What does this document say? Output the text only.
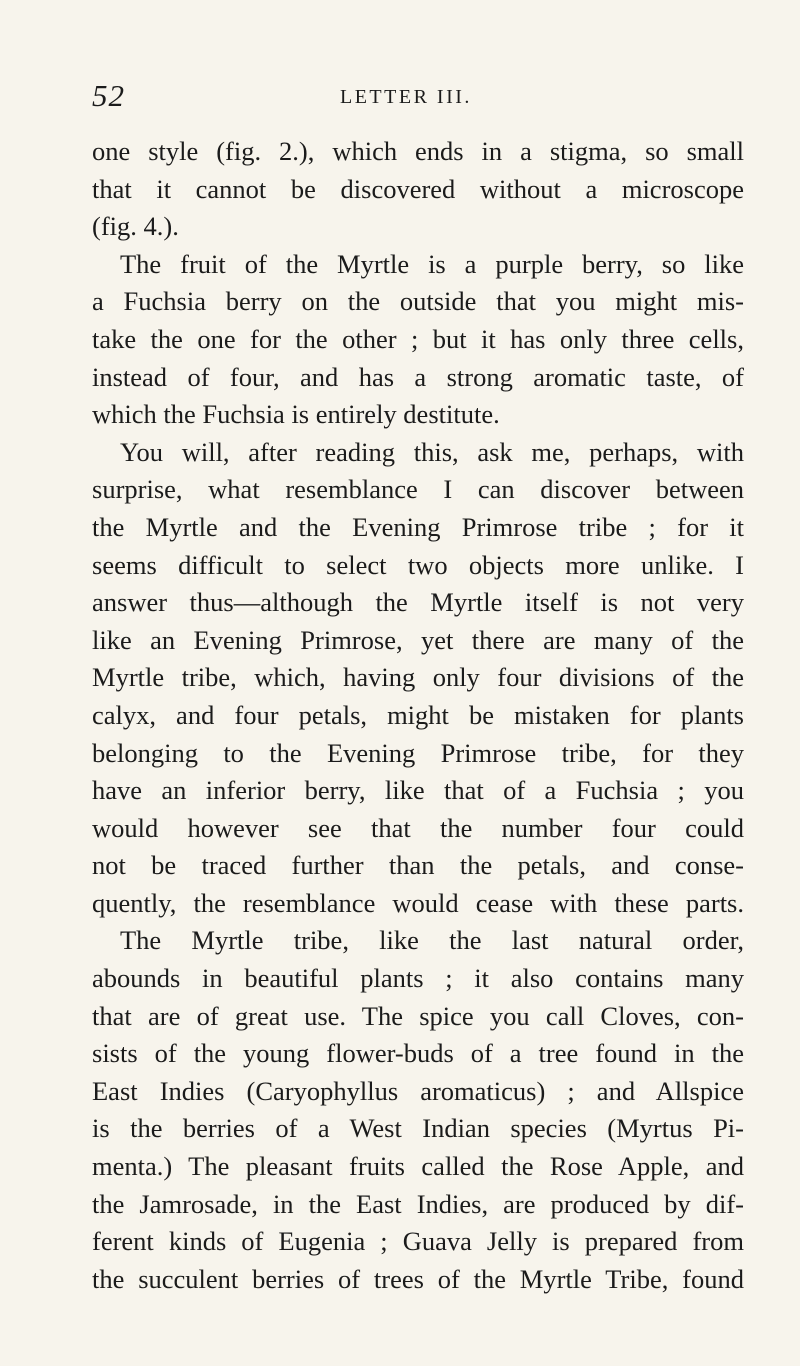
52	LETTER III.
one style (fig. 2.), which ends in a stigma, so small
that it cannot be discovered without a microscope
(fig. 4.).
The fruit of the Myrtle is a purple berry, so like
a Fuchsia berry on the outside that you might mis-
take the one for the other ; but it has only three cells,
instead of four, and has a strong aromatic taste, of
which the Fuchsia is entirely destitute.
You will, after reading this, ask me, perhaps, with
surprise, what resemblance I can discover between
the Myrtle and the Evening Primrose tribe ; for it
seems difficult to select two objects more unlike. I
answer thus—although the Myrtle itself is not very
like an Evening Primrose, yet there are many of the
Myrtle tribe, which, having only four divisions of the
calyx, and four petals, might be mistaken for plants
belonging to the Evening Primrose tribe, for they
have an inferior berry, like that of a Fuchsia ; you
would however see that the number four could
not be traced further than the petals, and conse-
quently, the resemblance would cease with these parts.
The Myrtle tribe, like the last natural order,
abounds in beautiful plants ; it also contains many
that are of great use. The spice you call Cloves, con-
sists of the young flower-buds of a tree found in the
East Indies (Caryophyllus aromaticus) ; and Allspice
is the berries of a West Indian species (Myrtus Pi-
menta.) The pleasant fruits called the Rose Apple, and
the Jamrosade, in the East Indies, are produced by dif-
ferent kinds of Eugenia ; Guava Jelly is prepared from
the succulent berries of trees of the Myrtle Tribe, found
